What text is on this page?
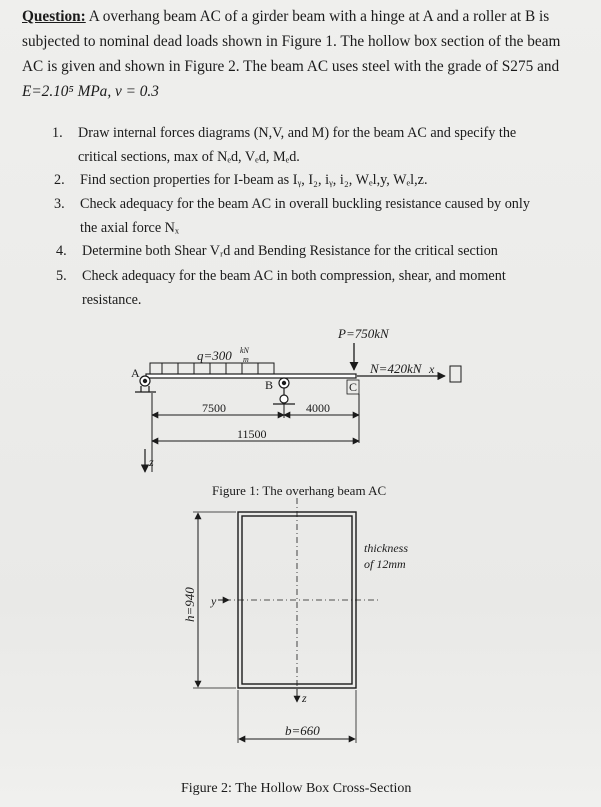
Question: A overhang beam AC of a girder beam with a hinge at A and a roller at B is
subjected to nominal dead loads shown in Figure 1. The hollow box section of the beam
AC is given and shown in Figure 2. The beam AC uses steel with the grade of S275 and
E=2.10⁵ MPa, ν = 0.3
1. Draw internal forces diagrams (N,V, and M) for the beam AC and specify the
critical sections, max of Nₑd, Vₑd, Mₑd.
2. Find section properties for I-beam as Iᵧ, I₂, iᵧ, i₂, Wₑl,y, Wₑl,z.
3. Check adequacy for the beam AC in overall buckling resistance caused by only
the axial force Nₓ
4. Determine both Shear Vᵣd and Bending Resistance for the critical section
5. Check adequacy for the beam AC in both compression, shear, and moment
resistance.
P=750kN
q=300 kN
m
N=420kN x
A
B	C
7500	4000
11500
z
Figure 1: The overhang beam AC
y
z
thickness
of 12mm
h=940
b=660
Figure 2: The Hollow Box Cross-Section
